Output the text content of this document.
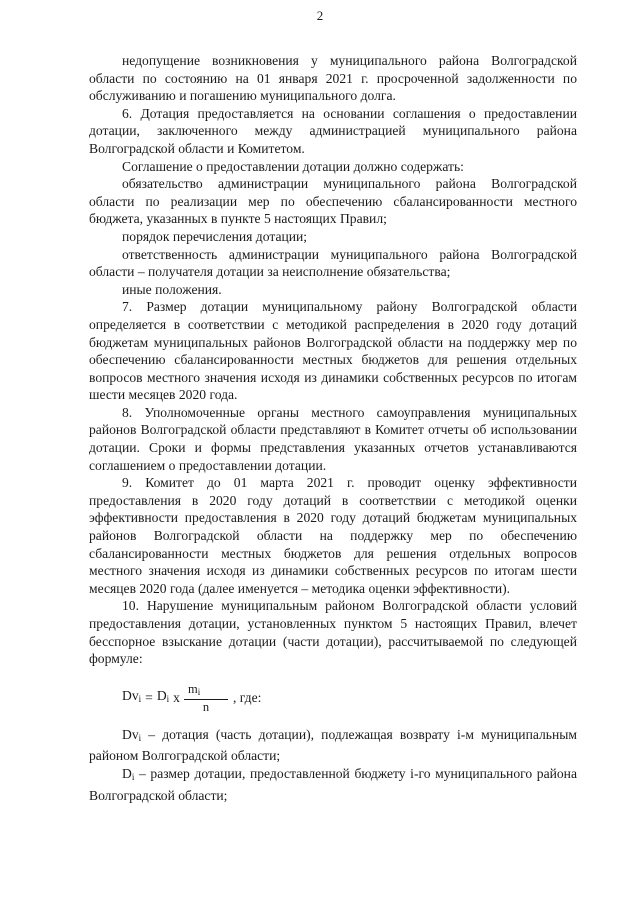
2

недопущение возникновения у муниципального района Волгоградской области по состоянию на 01 января 2021 г. просроченной задолженности по обслуживанию и погашению муниципального долга.

6. Дотация предоставляется на основании соглашения о предоставлении дотации, заключенного между администрацией муниципального района Волгоградской области и Комитетом.

Соглашение о предоставлении дотации должно содержать:

обязательство администрации муниципального района Волгоградской области по реализации мер по обеспечению сбалансированности местного бюджета, указанных в пункте 5 настоящих Правил;

порядок перечисления дотации;

ответственность администрации муниципального района Волгоградской области – получателя дотации за неисполнение обязательства;

иные положения.

7. Размер дотации муниципальному району Волгоградской области определяется в соответствии с методикой распределения в 2020 году дотаций бюджетам муниципальных районов Волгоградской области на поддержку мер по обеспечению сбалансированности местных бюджетов для решения отдельных вопросов местного значения исходя из динамики собственных ресурсов по итогам шести месяцев 2020 года.

8. Уполномоченные органы местного самоуправления муниципальных районов Волгоградской области представляют в Комитет отчеты об использовании дотации. Сроки и формы представления указанных отчетов устанавливаются соглашением о предоставлении дотации.

9. Комитет до 01 марта 2021 г. проводит оценку эффективности предоставления в 2020 году дотаций в соответствии с методикой оценки эффективности предоставления в 2020 году дотаций бюджетам муниципальных районов Волгоградской области на поддержку мер по обеспечению сбалансированности местных бюджетов для решения отдельных вопросов местного значения исходя из динамики собственных ресурсов по итогам шести месяцев 2020 года (далее именуется – методика оценки эффективности).

10. Нарушение муниципальным районом Волгоградской области условий предоставления дотации, установленных пунктом 5 настоящих Правил, влечет бесспорное взыскание дотации (части дотации), рассчитываемой по следующей формуле:

$Dv_i = D_i$ x $\frac{m_i}{n}$ , где:

$Dv_i$ – дотация (часть дотации), подлежащая возврату i-м муниципальным районом Волгоградской области;

$D_i$ – размер дотации, предоставленной бюджету i-го муниципального района Волгоградской области;
